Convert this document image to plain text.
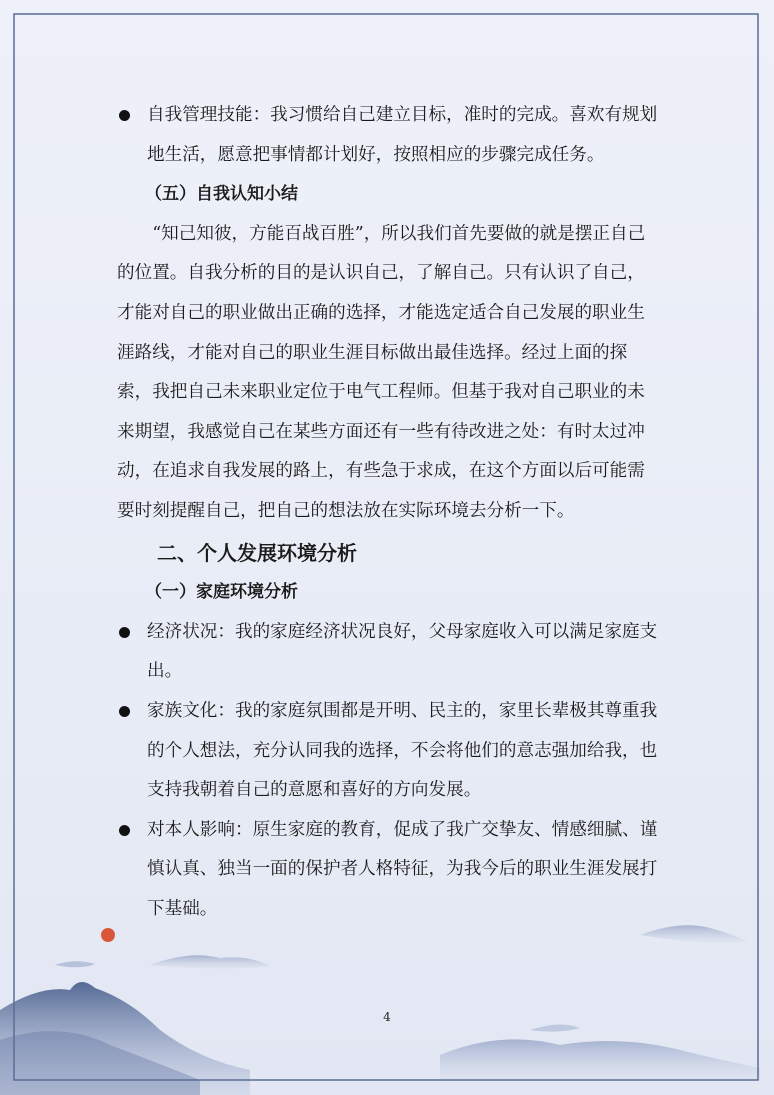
自我管理技能：我习惯给自己建立目标，准时的完成。喜欢有规划地生活，愿意把事情都计划好，按照相应的步骤完成任务。
（五）自我认知小结
“知己知彼，方能百战百胜”，所以我们首先要做的就是摆正自己的位置。自我分析的目的是认识自己，了解自己。只有认识了自己，才能对自己的职业做出正确的选择，才能选定适合自己发展的职业生涯路线，才能对自己的职业生涯目标做出最佳选择。经过上面的探索，我把自己未来职业定位于电气工程师。但基于我对自己职业的未来期望，我感觉自己在某些方面还有一些有待改进之处：有时太过冲动，在追求自我发展的路上，有些急于求成，在这个方面以后可能需要时刻提醒自己，把自己的想法放在实际环境去分析一下。
二、个人发展环境分析
（一）家庭环境分析
经济状况：我的家庭经济状况良好，父母家庭收入可以满足家庭支出。
家族文化：我的家庭氛围都是开明、民主的，家里长辈极其尊重我的个人想法，充分认同我的选择，不会将他们的意志强加给我，也支持我朝着自己的意愿和喜好的方向发展。
对本人影响：原生家庭的教育，促成了我广交挚友、情感细腻、谨慎认真、独当一面的保护者人格特征，为我今后的职业生涯发展打下基础。
4
